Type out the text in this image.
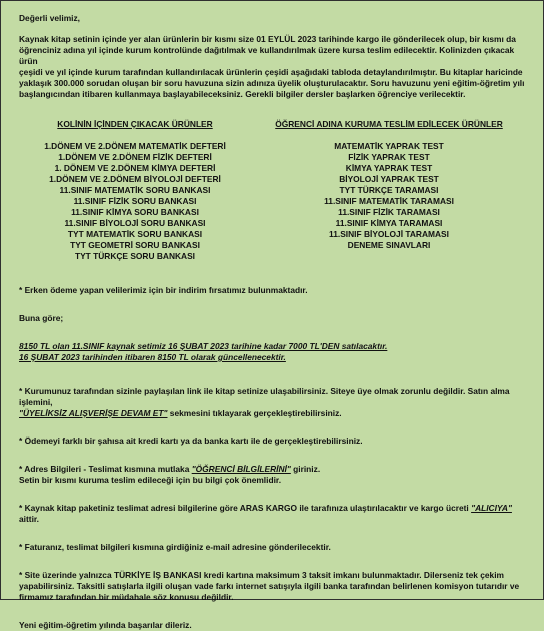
Değerli velimiz,

Kaynak kitap setinin içinde yer alan ürünlerin bir kısmı size 01 EYLÜL 2023 tarihinde kargo ile gönderilecek olup, bir kısmı da

öğrenciniz adına yıl içinde kurum kontrolünde dağıtılmak ve kullandırılmak üzere kursa teslim edilecektir. Kolinizden çıkacak ürün

çeşidi ve yıl içinde kurum tarafından kullandırılacak ürünlerin çeşidi aşağıdaki tabloda detaylandırılmıştır. Bu kitaplar haricinde

yaklaşık 300.000 sorudan oluşan bir soru havuzuna sizin adınıza üyelik oluşturulacaktır. Soru havuzunu yeni eğitim-öğretim yılı

başlangıcından itibaren kullanmaya başlayabileceksiniz. Gerekli bilgiler dersler başlarken öğrenciye verilecektir.

KOLİNİN İÇİNDEN ÇIKACAK ÜRÜNLER
1.DÖNEM VE 2.DÖNEM MATEMATİK DEFTERİ
1.DÖNEM VE 2.DÖNEM FİZİK DEFTERİ
1. DÖNEM VE 2.DÖNEM KİMYA DEFTERİ
1.DÖNEM VE 2.DÖNEM BİYOLOJİ DEFTERİ
11.SINIF MATEMATİK SORU BANKASI
11.SINIF FİZİK SORU BANKASI
11.SINIF KİMYA SORU BANKASI
11.SINIF BİYOLOJİ SORU BANKASI
TYT MATEMATİK SORU BANKASI
TYT GEOMETRİ SORU BANKASI
TYT TÜRKÇE SORU BANKASI
ÖĞRENCİ ADINA KURUMA TESLİM EDİLECEK ÜRÜNLER
MATEMATİK YAPRAK TEST
FİZİK YAPRAK TEST
KİMYA YAPRAK TEST
BİYOLOJİ YAPRAK TEST
TYT TÜRKÇE TARAMASI
11.SINIF MATEMATİK TARAMASI
11.SINIF FİZİK TARAMASI
11.SINIF KİMYA TARAMASI
11.SINIF BİYOLOJİ TARAMASI
DENEME SINAVLARI
* Erken ödeme yapan velilerimiz için bir indirim fırsatımız bulunmaktadır.
Buna göre;
8150 TL olan 11.SINIF kaynak setimiz 16 ŞUBAT 2023 tarihine kadar 7000 TL'DEN satılacaktır.
16 ŞUBAT 2023 tarihinden itibaren 8150 TL olarak güncellenecektir.
* Kurumunuz tarafından sizinle paylaşılan link ile kitap setinize ulaşabilirsiniz. Siteye üye olmak zorunlu değildir. Satın alma işlemini,
"ÜYELİKSİZ ALIŞVERİŞE DEVAM ET" sekmesini tıklayarak gerçekleştirebilirsiniz.
* Ödemeyi farklı bir şahısa ait kredi kartı ya da banka kartı ile de gerçekleştirebilirsiniz.
* Adres Bilgileri - Teslimat kısmına mutlaka "ÖĞRENCİ BİLGİLERİNİ" giriniz.
Setin bir kısmı kuruma teslim edileceği için bu bilgi çok önemlidir.
* Kaynak kitap paketiniz teslimat adresi bilgilerine göre ARAS KARGO ile tarafınıza ulaştırılacaktır ve kargo ücreti "ALICIYA" aittir.
* Faturanız, teslimat bilgileri kısmına girdiğiniz e-mail adresine gönderilecektir.
* Site üzerinde yalnızca TÜRKİYE İŞ BANKASI kredi kartına maksimum 3 taksit imkanı bulunmaktadır. Dilerseniz tek çekim
yapabilirsiniz. Taksitli satışlarla ilgili oluşan vade farkı internet satışıyla ilgili banka tarafından belirlenen komisyon tutarıdır ve
firmamız tarafından bir müdahale söz konusu değildir.
Yeni eğitim-öğretim yılında başarılar dileriz.
